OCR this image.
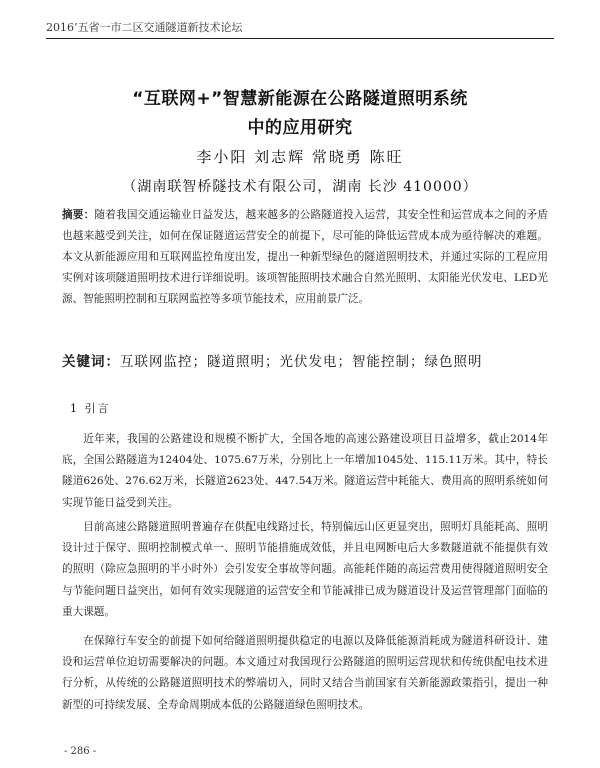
2016’五省一市二区交通隧道新技术论坛
“互联网+”智慧新能源在公路隧道照明系统
中的应用研究
李小阳 刘志辉 常晓勇 陈旺
（湖南联智桥隧技术有限公司，湖南 长沙 410000）
摘要：随着我国交通运输业日益发达，越来越多的公路隧道投入运营，其安全性和运营成本之间的矛盾也越来越受到关注，如何在保证隧道运营安全的前提下，尽可能的降低运营成本成为亟待解决的难题。本文从新能源应用和互联网监控角度出发，提出一种新型绿色的隧道照明技术，并通过实际的工程应用实例对该项隧道照明技术进行详细说明。该项智能照明技术融合自然光照明、太阳能光伏发电、LED光源、智能照明控制和互联网监控等多项节能技术，应用前景广泛。
关键词：互联网监控；隧道照明；光伏发电；智能控制；绿色照明
1 引言

近年来，我国的公路建设和规模不断扩大，全国各地的高速公路建设项目日益增多，截止2014年底，全国公路隧道为12404处、1075.67万米，分别比上一年增加1045处、115.11万米。其中，特长隧道626处、276.62万米，长隧道2623处、447.54万米。隧道运营中耗能大、费用高的照明系统如何实现节能日益受到关注。

目前高速公路隧道照明普遍存在供配电线路过长，特别偏远山区更显突出，照明灯具能耗高、照明设计过于保守、照明控制模式单一、照明节能措施成效低，并且电网断电后大多数隧道就不能提供有效的照明（除应急照明的半小时外）会引发安全事故等问题。高能耗伴随的高运营费用使得隧道照明安全与节能问题日益突出，如何有效实现隧道的运营安全和节能减排已成为隧道设计及运营管理部门面临的重大课题。

在保障行车安全的前提下如何给隧道照明提供稳定的电源以及降低能源消耗成为隧道科研设计、建设和运营单位迫切需要解决的问题。本文通过对我国现行公路隧道的照明运营现状和传统供配电技术进行分析，从传统的公路隧道照明技术的弊端切入，同时又结合当前国家有关新能源政策指引，提出一种新型的可持续发展、全寿命周期成本低的公路隧道绿色照明技术。

- 286 -
